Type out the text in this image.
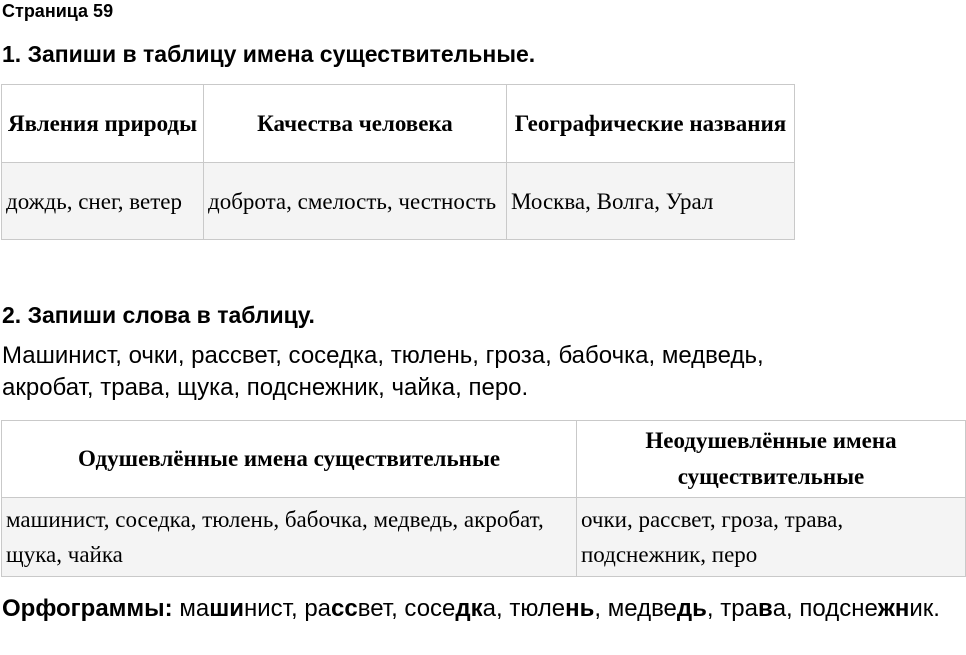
Страница 59
1. Запиши в таблицу имена существительные.
Явления природы	Качества человека	Географические названия
дождь, снег, ветер	доброта, смелость, честность	Москва, Волга, Урал
2. Запиши слова в таблицу.
Машинист, очки, рассвет, соседка, тюлень, гроза, бабочка, медведь,
акробат, трава, щука, подснежник, чайка, перо.
Одушевлённые имена существительные	Неодушевлённые имена существительные
машинист, соседка, тюлень, бабочка, медведь, акробат, щука, чайка	очки, рассвет, гроза, трава, подснежник, перо
Орфограммы: машинист, рассвет, соседка, тюлень, медведь, трава, подснежник.
